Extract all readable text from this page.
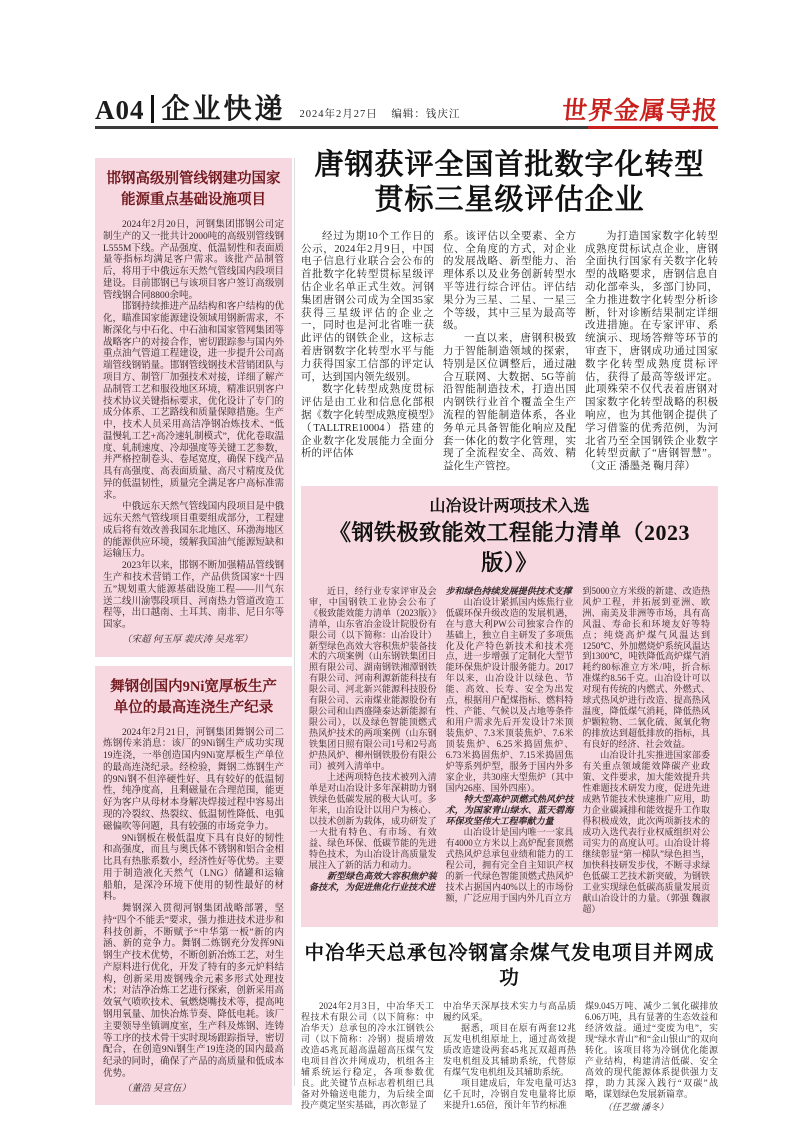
A04 企业快递 2024年2月27日 编辑：钱庆江	世界金属导报
邯钢高级别管线钢建功国家
能源重点基础设施项目

2024年2月20日，河钢集团邯钢公司定制生产的又一批共计2000吨的高级别管线钢L555M下线。产品强度、低温韧性和表面质量等指标均满足客户需求。该批产品制管后，将用于中俄远东天然气管线国内段项目建设。目前邯钢已与该项目客户签订高级别管线钢合同8800余吨。

邯钢持续推进产品结构和客户结构的优化，瞄准国家能源建设领域用钢新需求，不断深化与中石化、中石油和国家管网集团等战略客户的对接合作，密切跟踪参与国内外重点油气管道工程建设，进一步提升公司高端管线钢销量。邯钢管线钢技术营销团队与项目方、制管厂加强技术对接，详细了解产品制管工艺和服役地区环境，精准识别客户技术协议关键指标要求，优化设计了专门的成分体系、工艺路线和质量保障措施。生产中，技术人员采用高洁净钢冶炼技术、“低温慢轧工艺+高冷速轧制模式”，优化卷取温度、轧制速度、冷却强度等关键工艺参数，并严格控制卷头、卷尾宽度，确保下线产品具有高强度、高表面质量、高尺寸精度及优异的低温韧性，质量完全满足客户高标准需求。

中俄远东天然气管线国内段项目是中俄远东天然气管线项目重要组成部分，工程建成后将有效改善我国东北地区、环渤海地区的能源供应环境，缓解我国油气能源短缺和运输压力。

2023年以来，邯钢不断加强精品管线钢生产和技术营销工作，产品供货国家“十四五”规划重大能源基础设施工程——川气东送二线川渝鄂段项目、河南热力管道改造工程等，出口越南、土耳其、南非、尼日尔等国家。

（宋超 何玉厚 裴庆涛 吴兆军）

舞钢创国内9Ni宽厚板生产
单位的最高连浇生产纪录

2024年2月21日，河钢集团舞钢公司二炼钢传来消息：该厂的9Ni钢生产成功实现19连浇，一举创造国内9Ni宽厚板生产单位的最高连浇纪录。经检验，舞钢二炼钢生产的9Ni钢不但淬硬性好、具有较好的低温韧性，纯净度高，且剩磁量在合理范围，能更好为客户从母材本身解决焊接过程中容易出现的冷裂纹、热裂纹、低温韧性降低、电弧磁偏吹等问题，具有较强的市场竞争力。

9Ni钢板在极低温度下具有良好的韧性和高强度，而且与奥氏体不锈钢和铝合金相比具有热胀系数小，经济性好等优势。主要用于制造液化天然气（LNG）储罐和运输船舶，是深冷环境下使用的韧性最好的材料。

舞钢深入贯彻河钢集团战略部署，坚持“四个不能丢”要求，强力推进技术进步和科技创新，不断赋予“中华第一板”新的内涵、新的竞争力。舞钢二炼钢充分发挥9Ni钢生产技术优势，不断创新冶炼工艺，对生产原料进行优化，开发了特有的多元炉料结构，创新采用废钢残余元素多形式处理技术；对洁净冶炼工艺进行探索，创新采用高效氧气喷吹技术、氧燃烧嘴技术等，提高吨钢用氧量、加快冶炼节奏、降低电耗。该厂主要领导坐镇调度室，生产科及炼钢、连铸等工序的技术骨干实时现场跟踪指导，密切配合，在创造9Ni钢生产19连浇的国内最高纪录的同时，确保了产品的高质量和低成本优势。

（董浩 吴宣伍）

唐钢获评全国首批数字化转型
贯标三星级评估企业

经过为期10个工作日的公示，2024年2月9日，中国电子信息行业联合会公布的首批数字化转型贯标星级评估企业名单正式生效。河钢集团唐钢公司成为全国35家获得三星级评估的企业之一，同时也是河北省唯一获此评估的钢铁企业，这标志着唐钢数字化转型水平与能力获得国家工信部的评定认可，达到国内领先级别。

数字化转型成熟度贯标评估是由工业和信息化部根据《数字化转型成熟度模型》（TALLTRE10004）搭建的企业数字化发展能力全面分析的评估体

系。该评估以全要素、全方位、全角度的方式，对企业的发展战略、新型能力、治理体系以及业务创新转型水平等进行综合评估。评估结果分为三星、二星、一星三个等级，其中三星为最高等级。

一直以来，唐钢积极致力于智能制造领域的探索，特别是区位调整后，通过融合互联网、大数据、5G等前沿智能制造技术，打造出国内钢铁行业首个覆盖全生产流程的智能制造体系，各业务单元具备智能化响应及配套一体化的数字化管理，实现了全流程安全、高效、精益化生产管控。

为打造国家数字化转型成熟度贯标试点企业，唐钢全面执行国家有关数字化转型的战略要求，唐钢信息自动化部牵头，多部门协同，全力推进数字化转型分析诊断，针对诊断结果制定详细改进措施。在专家评审、系统演示、现场答辩等环节的审查下，唐钢成功通过国家数字化转型成熟度贯标评估，获得了最高等级评定。此项殊荣不仅代表着唐钢对国家数字化转型战略的积极响应，也为其他钢企提供了学习借鉴的优秀范例，为河北省乃至全国钢铁企业数字化转型贡献了“唐钢智慧”。（文正 潘墨尧 鞠月萍）

山冶设计两项技术入选
《钢铁极致能效工程能力清单（2023版）》

近日，经行业专家评审及会审，中国钢铁工业协会公布了《极致能效能力清单（2023版）》清单，山东省冶金设计院股份有限公司（以下简称：山冶设计）新型绿色高效大容积焦炉装备技术的六项案例（山东钢铁集团日照有限公司、湖南钢铁湘潭钢铁有限公司、河南利源新能科技有限公司、河北新兴能源科技股份有限公司、云南煤业能源股份有限公司和山西盛隆泰达新能源有限公司），以及绿色智能顶燃式热风炉技术的两项案例（山东钢铁集团日照有限公司1号和2号高炉热风炉、柳州钢铁股份有限公司）被列入清单中。

上述两项特色技术被列入清单是对山冶设计多年深耕助力钢铁绿色低碳发展的极大认可。多年来，山冶设计以用户为核心、以技术创新为载体，成功研发了一大批有特色、有市场、有效益、绿色环保、低碳节能的先进特色技术，为山冶设计高质量发展注入了新的活力和动力。

新型绿色高效大容积焦炉装备技术，为促进焦化行业技术进

步和绿色持续发展提供技术支撑

山冶设计紧抓国内炼焦行业低碳环保升级改造的发展机遇，在与意大利PW公司独家合作的基础上，独立自主研发了多项焦化及化产特色新技术和技术亮点，进一步增强了定制化大型节能环保焦炉设计服务能力。2017年以来，山冶设计以绿色、节能、高效、长寿、安全为出发点，根据用户配煤指标、燃料特性、产能、气候以及占地等条件和用户需求先后开发设计7米顶装焦炉、7.3米顶装焦炉、7.6米顶装焦炉、6.25米捣固焦炉、6.73米捣固焦炉、7.15米捣固焦炉等系列炉型，服务于国内外多家企业，共30座大型焦炉（其中国内26座、国外四座）。

特大型高炉顶燃式热风炉技术，为国家青山绿水、蓝天碧海环保攻坚伟大工程奉献力量

山冶设计是国内唯一一家具有4000立方米以上高炉配套顶燃式热风炉总承包业绩和能力的工程公司，拥有完全自主知识产权的新一代绿色智能顶燃式热风炉技术占据国内40%以上的市场份额，广泛应用于国内外几百立方

到5000立方米级的新建、改造热风炉工程，并拓展到亚洲、欧洲、南美及非洲等市场，具有高风温、寿命长和环境友好等特点；纯烧高炉煤气风温达到1250℃、外加燃烧炉系统风温达到1300℃，吨铁降低高炉煤气消耗约80标准立方米/吨，折合标准煤约8.56千克。山冶设计可以对现有传统的内燃式、外燃式、球式热风炉进行改造、提高热风温度，降低煤气消耗，降低热风炉颗粒物、二氧化硫、氮氧化物的排放达到超低排放的指标，具有良好的经济、社会效益。

山冶设计扎实推进国家部委有关重点领域能效降碳产业政策、文件要求，加大能效提升共性难题技术研发力度，促进先进成熟节能技术快速推广应用，助力企业碳减排和能效提升工作取得积极成效，此次两项新技术的成功入选代表行业权威组织对公司实力的高度认可。山冶设计将继续彰显“第一梯队”绿色担当，加快科技研发步伐，不断寻求绿色低碳工艺技术新突破，为钢铁工业实现绿色低碳高质量发展贡献山冶设计的力量。（郭强 魏淑超）

中冶华天总承包冷钢富余煤气发电项目并网成功

2024年2月3日，中冶华天工程技术有限公司（以下简称：中冶华天）总承包的冷水江钢铁公司（以下简称：冷钢）提质增效改造45兆瓦超高温超高压煤气发电项目首次并网成功，机组各主辅系统运行稳定，各项参数优良。此关键节点标志着机组已具备对外输送电能力，为后续全面投产奠定坚实基础，再次彰显了

中冶华天深厚技术实力与高品质履约风采。

据悉，项目在原有两套12兆瓦发电机组原址上，通过高效提质改造建设两套45兆瓦双超再热发电机组及其辅助系统，代替原有煤气发电机组及其辅助系统。

项目建成后，年发电量可达3亿千瓦时，冷钢自发电量将比原来提升1.65倍，预计年节约标准

煤9.045万吨、减少二氧化碳排放6.06万吨，具有显著的生态效益和经济效益。通过“变废为电”，实现“绿水青山”和“金山银山”的双向转化。该项目将为冷钢优化能源产业结构，构建清洁低碳、安全高效的现代能源体系提供强力支撑，助力其深入践行“双碳”战略，谋划绿色发展新篇章。

（任艺缴 潘冬）
